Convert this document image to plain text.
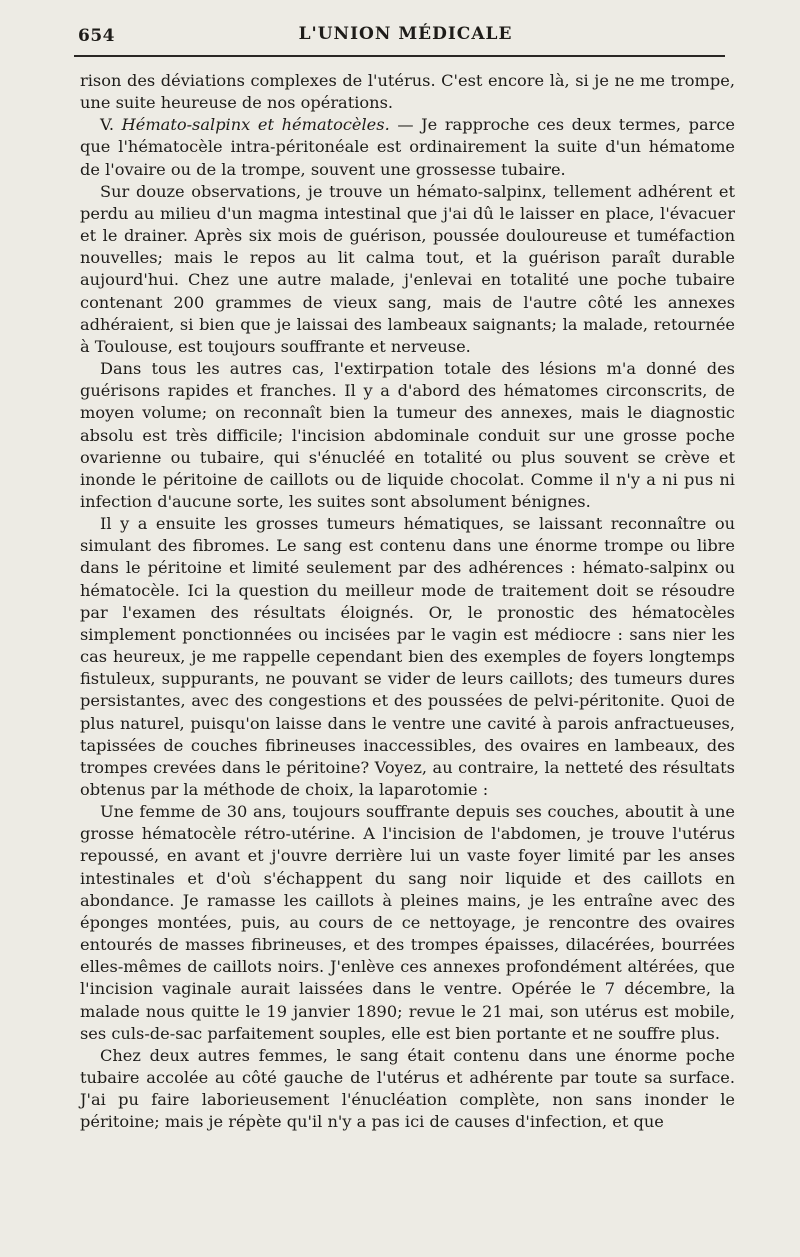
654	L'UNION MÉDICALE

rison des déviations complexes de l'utérus. C'est encore là, si je ne me trompe, une suite heureuse de nos opérations.

V. Hémato-salpinx et hématocèles. — Je rapproche ces deux termes, parce que l'hématocèle intra-péritonéale est ordinairement la suite d'un hématome de l'ovaire ou de la trompe, souvent une grossesse tubaire.

Sur douze observations, je trouve un hémato-salpinx, tellement adhérent et perdu au milieu d'un magma intestinal que j'ai dû le laisser en place, l'évacuer et le drainer. Après six mois de guérison, poussée douloureuse et tuméfaction nouvelles; mais le repos au lit calma tout, et la guérison paraît durable aujourd'hui. Chez une autre malade, j'enlevai en totalité une poche tubaire contenant 200 grammes de vieux sang, mais de l'autre côté les annexes adhéraient, si bien que je laissai des lambeaux saignants; la malade, retournée à Toulouse, est toujours souffrante et nerveuse.

Dans tous les autres cas, l'extirpation totale des lésions m'a donné des guérisons rapides et franches. Il y a d'abord des hématomes circonscrits, de moyen volume; on reconnaît bien la tumeur des annexes, mais le diagnostic absolu est très difficile; l'incision abdominale conduit sur une grosse poche ovarienne ou tubaire, qui s'énucléé en totalité ou plus souvent se crève et inonde le péritoine de caillots ou de liquide chocolat. Comme il n'y a ni pus ni infection d'aucune sorte, les suites sont absolument bénignes.

Il y a ensuite les grosses tumeurs hématiques, se laissant reconnaître ou simulant des fibromes. Le sang est contenu dans une énorme trompe ou libre dans le péritoine et limité seulement par des adhérences : hémato-salpinx ou hématocèle. Ici la question du meilleur mode de traitement doit se résoudre par l'examen des résultats éloignés. Or, le pronostic des hématocèles simplement ponctionnées ou incisées par le vagin est médiocre : sans nier les cas heureux, je me rappelle cependant bien des exemples de foyers longtemps fistuleux, suppurants, ne pouvant se vider de leurs caillots; des tumeurs dures persistantes, avec des congestions et des poussées de pelvi-péritonite. Quoi de plus naturel, puisqu'on laisse dans le ventre une cavité à parois anfractueuses, tapissées de couches fibrineuses inaccessibles, des ovaires en lambeaux, des trompes crevées dans le péritoine? Voyez, au contraire, la netteté des résultats obtenus par la méthode de choix, la laparotomie :

Une femme de 30 ans, toujours souffrante depuis ses couches, aboutit à une grosse hématocèle rétro-utérine. A l'incision de l'abdomen, je trouve l'utérus repoussé, en avant et j'ouvre derrière lui un vaste foyer limité par les anses intestinales et d'où s'échappent du sang noir liquide et des caillots en abondance. Je ramasse les caillots à pleines mains, je les entraîne avec des éponges montées, puis, au cours de ce nettoyage, je rencontre des ovaires entourés de masses fibrineuses, et des trompes épaisses, dilacérées, bourrées elles-mêmes de caillots noirs. J'enlève ces annexes profondément altérées, que l'incision vaginale aurait laissées dans le ventre. Opérée le 7 décembre, la malade nous quitte le 19 janvier 1890; revue le 21 mai, son utérus est mobile, ses culs-de-sac parfaitement souples, elle est bien portante et ne souffre plus.

Chez deux autres femmes, le sang était contenu dans une énorme poche tubaire accolée au côté gauche de l'utérus et adhérente par toute sa surface. J'ai pu faire laborieusement l'énucléation complète, non sans inonder le péritoine; mais je répète qu'il n'y a pas ici de causes d'infection, et que
